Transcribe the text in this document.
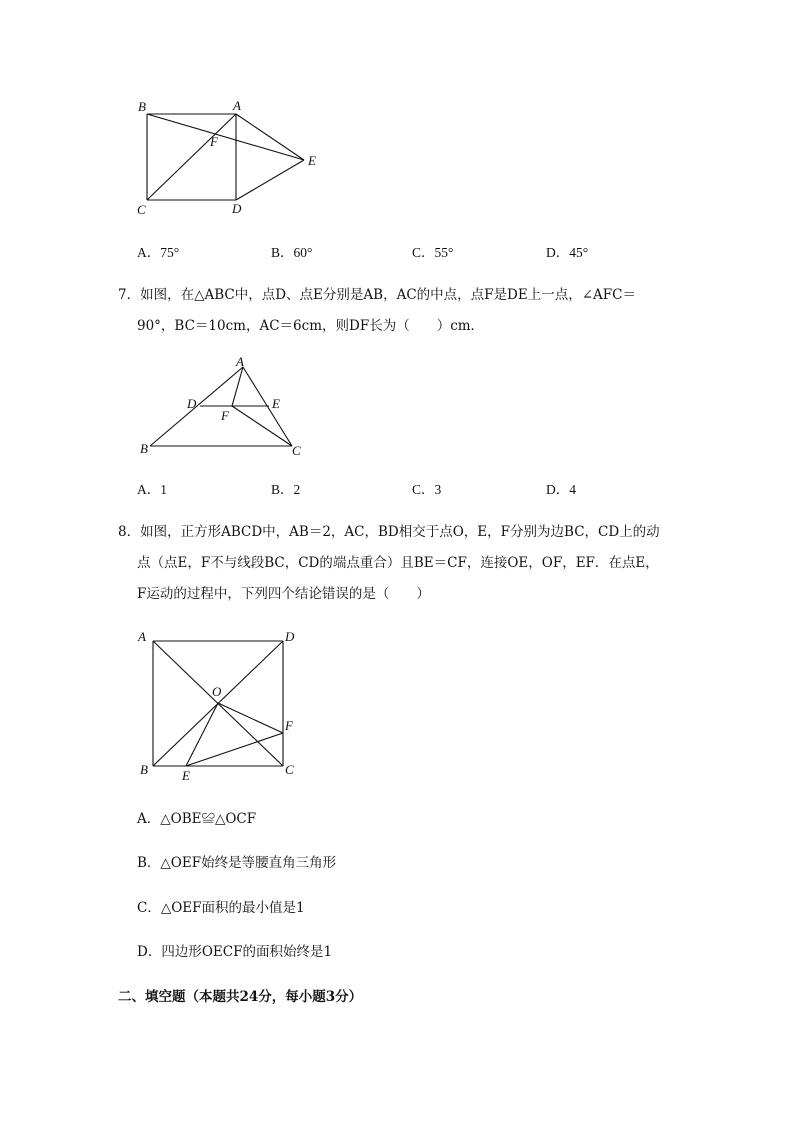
B	A
F
E
C	D
A．75°	B．60°	C．55°	D．45°
7．如图，在△ABC中，点D、点E分别是AB，AC的中点，点F是DE上一点，∠AFC＝
90°，BC＝10cm，AC＝6cm，则DF长为（　　）cm．
A
D	E
F
B	C
A．1	B．2	C．3	D．4
8．如图，正方形ABCD中，AB＝2，AC，BD相交于点O，E，F分别为边BC，CD上的动
点（点E，F不与线段BC，CD的端点重合）且BE＝CF，连接OE，OF，EF．在点E，
F运动的过程中，下列四个结论错误的是（　　）
A	D
O
F
B	E	C
A．△OBE≌△OCF
B．△OEF始终是等腰直角三角形
C．△OEF面积的最小值是1
D．四边形OECF的面积始终是1
二、填空题（本题共24分，每小题3分）
